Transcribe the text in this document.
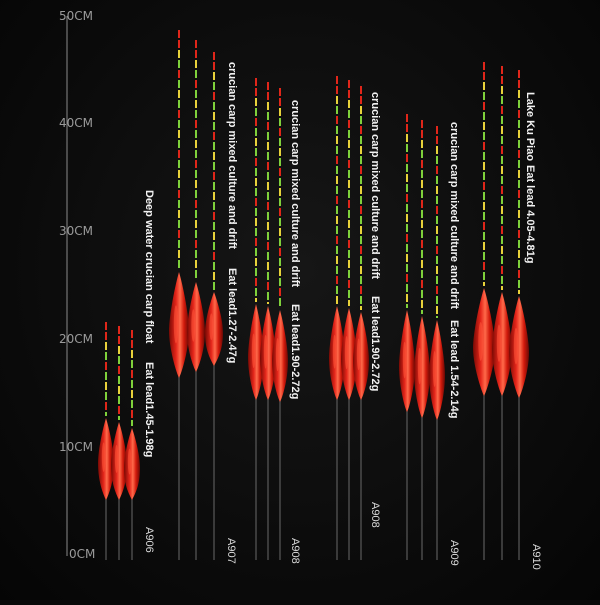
50CM
40CM
30CM
20CM
10CM
0CM
Deep water crucian carp float
Eat lead1.45-1.98g
A906
crucian carp mixed culture and drift
Eat lead1.27-2.47g
A907
crucian carp mixed culture and drift
Eat lead1.90-2.72g
A908
crucian carp mixed culture and drift
Eat lead1.90-2.72g
A908
crucian carp mixed culture and drift
Eat lead 1.54-2.14g
A909
Lake Ku Piao
Eat lead 4.05-4.81g
A910
